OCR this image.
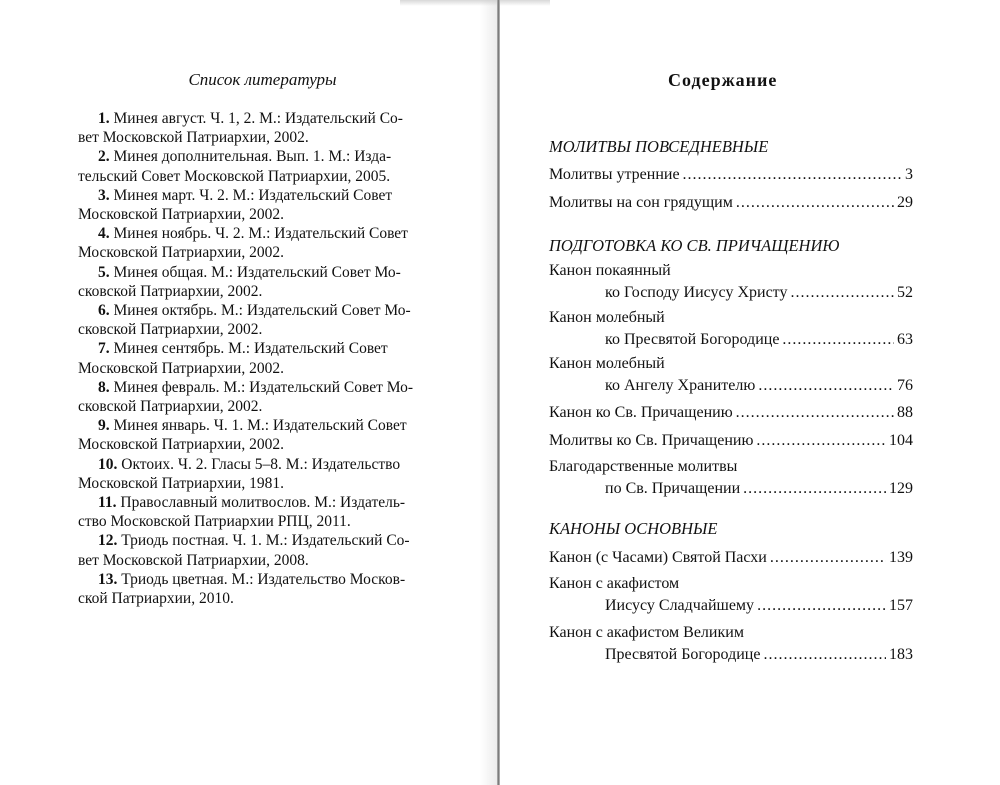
Список литературы

1. Минея август. Ч. 1, 2. М.: Издательский Со-
вет Московской Патриархии, 2002.

2. Минея дополнительная. Вып. 1. М.: Изда-
тельский Совет Московской Патриархии, 2005.

3. Минея март. Ч. 2. М.: Издательский Совет
Московской Патриархии, 2002.

4. Минея ноябрь. Ч. 2. М.: Издательский Совет
Московской Патриархии, 2002.

5. Минея общая. М.: Издательский Совет Мо-
сковской Патриархии, 2002.

6. Минея октябрь. М.: Издательский Совет Мо-
сковской Патриархии, 2002.

7. Минея сентябрь. М.: Издательский Совет
Московской Патриархии, 2002.

8. Минея февраль. М.: Издательский Совет Мо-
сковской Патриархии, 2002.

9. Минея январь. Ч. 1. М.: Издательский Совет
Московской Патриархии, 2002.

10. Октоих. Ч. 2. Гласы 5–8. М.: Издательство
Московской Патриархии, 1981.

11. Православный молитвослов. М.: Издатель-
ство Московской Патриархии РПЦ, 2011.

12. Триодь постная. Ч. 1. М.: Издательский Со-
вет Московской Патриархии, 2008.

13. Триодь цветная. М.: Издательство Москов-
ской Патриархии, 2010.

Содержание
МОЛИТВЫ ПОВСЕДНЕВНЫЕ
Молитвы утренние .....	3
Молитвы на сон грядущим .....	29
ПОДГОТОВКА КО СВ. ПРИЧАЩЕНИЮ
Канон покаянный
ко Господу Иисусу Христу .....	52
Канон молебный
ко Пресвятой Богородице .....	63
Канон молебный
ко Ангелу Хранителю .....	76
Канон ко Св. Причащению .....	88
Молитвы ко Св. Причащению .....	104
Благодарственные молитвы
по Св. Причащении .....	129
КАНОНЫ ОСНОВНЫЕ
Канон (с Часами) Святой Пасхи .....	139
Канон с акафистом
Иисусу Сладчайшему .....	157
Канон с акафистом Великим
Пресвятой Богородице .....	183
